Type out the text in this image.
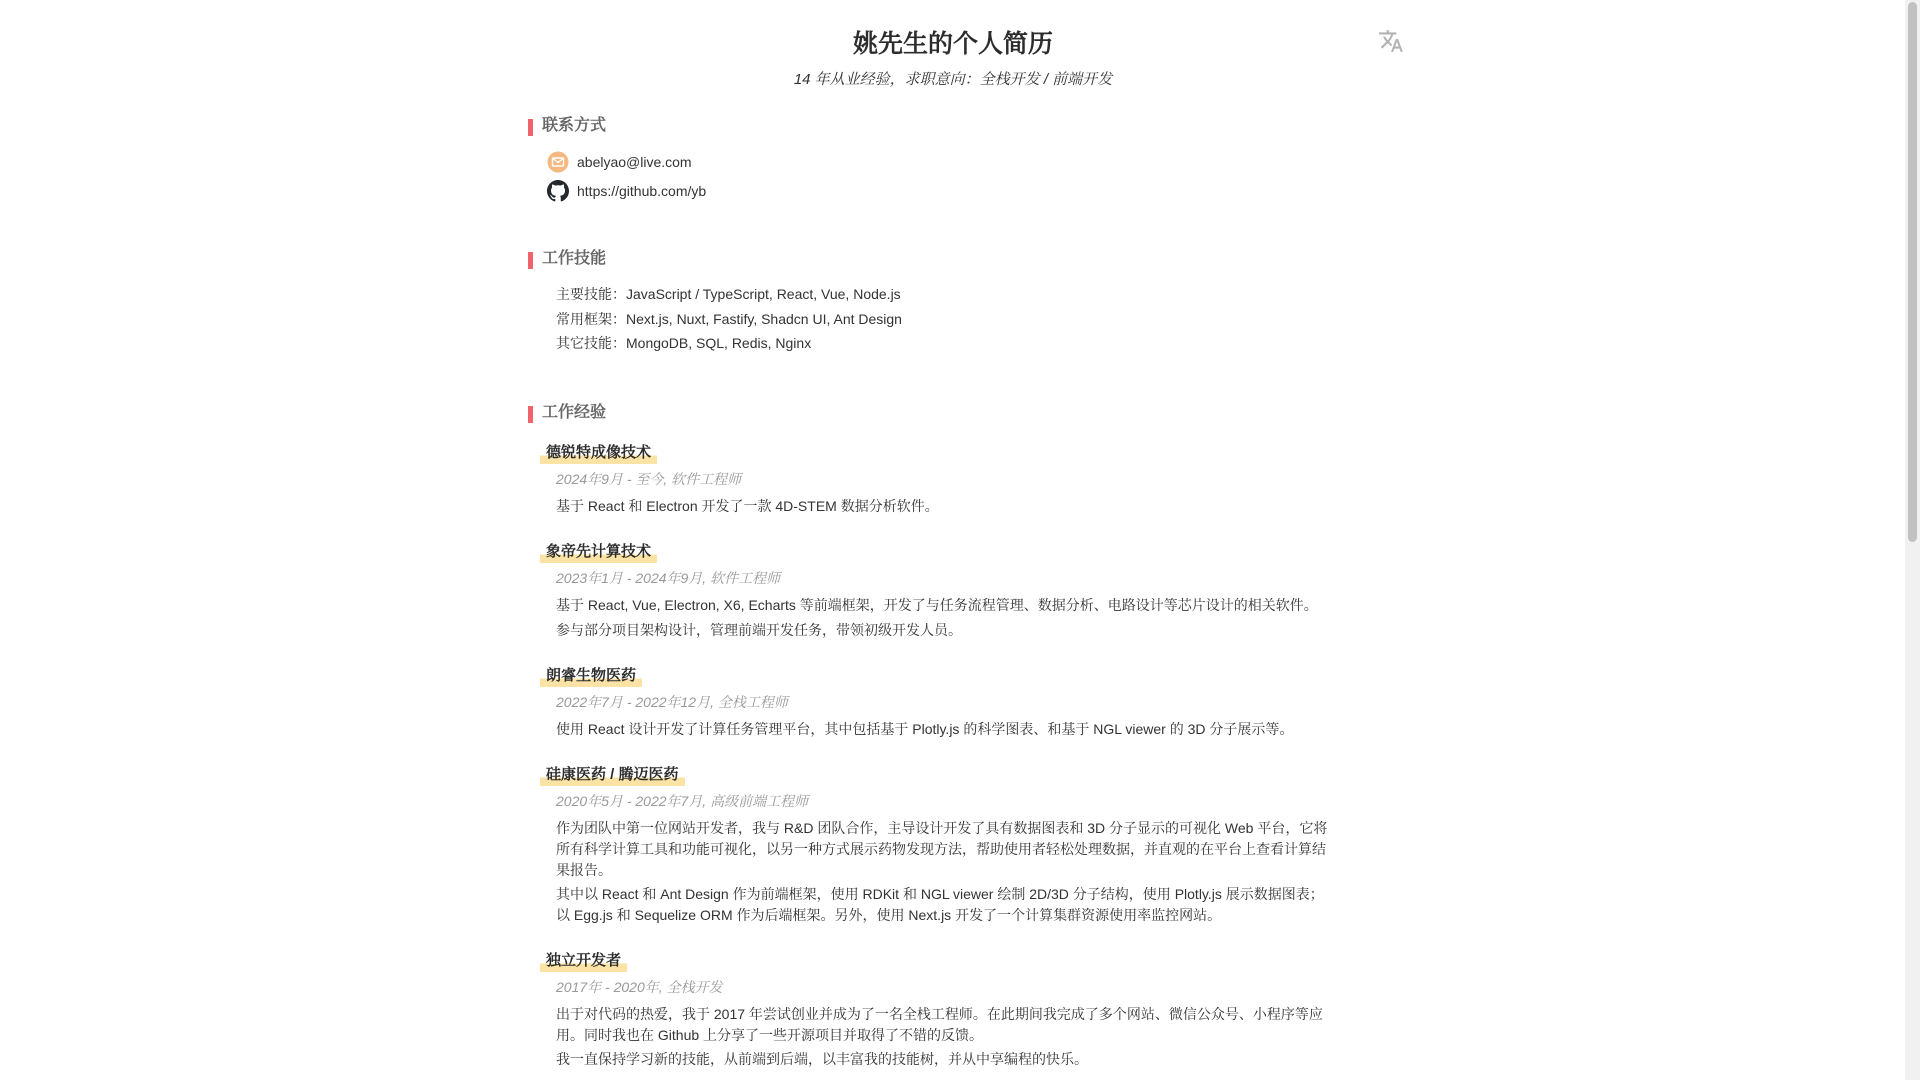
姚先生的个人简历
14 年从业经验，求职意向：全栈开发 / 前端开发
联系方式
abelyao@live.com
https://github.com/yb
工作技能
主要技能：JavaScript / TypeScript, React, Vue, Node.js
常用框架：Next.js, Nuxt, Fastify, Shadcn UI, Ant Design
其它技能：MongoDB, SQL, Redis, Nginx
工作经验
德锐特成像技术
2024年9月 - 至今, 软件工程师

基于 React 和 Electron 开发了一款 4D-STEM 数据分析软件。

象帝先计算技术
2023年1月 - 2024年9月, 软件工程师

基于 React, Vue, Electron, X6, Echarts 等前端框架，开发了与任务流程管理、数据分析、电路设计等芯片设计的相关软件。

参与部分项目架构设计，管理前端开发任务，带领初级开发人员。

朗睿生物医药
2022年7月 - 2022年12月, 全栈工程师

使用 React 设计开发了计算任务管理平台，其中包括基于 Plotly.js 的科学图表、和基于 NGL viewer 的 3D 分子展示等。

硅康医药 / 腾迈医药
2020年5月 - 2022年7月, 高级前端工程师

作为团队中第一位网站开发者，我与 R&D 团队合作，主导设计开发了具有数据图表和 3D 分子显示的可视化 Web 平台，它将所有科学计算工具和功能可视化，以另一种方式展示药物发现方法，帮助使用者轻松处理数据，并直观的在平台上查看计算结果报告。

其中以 React 和 Ant Design 作为前端框架，使用 RDKit 和 NGL viewer 绘制 2D/3D 分子结构，使用 Plotly.js 展示数据图表；以 Egg.js 和 Sequelize ORM 作为后端框架。另外，使用 Next.js 开发了一个计算集群资源使用率监控网站。

独立开发者
2017年 - 2020年, 全栈开发

出于对代码的热爱，我于 2017 年尝试创业并成为了一名全栈工程师。在此期间我完成了多个网站、微信公众号、小程序等应用。同时我也在 Github 上分享了一些开源项目并取得了不错的反馈。

我一直保持学习新的技能，从前端到后端，以丰富我的技能树，并从中享编程的快乐。
